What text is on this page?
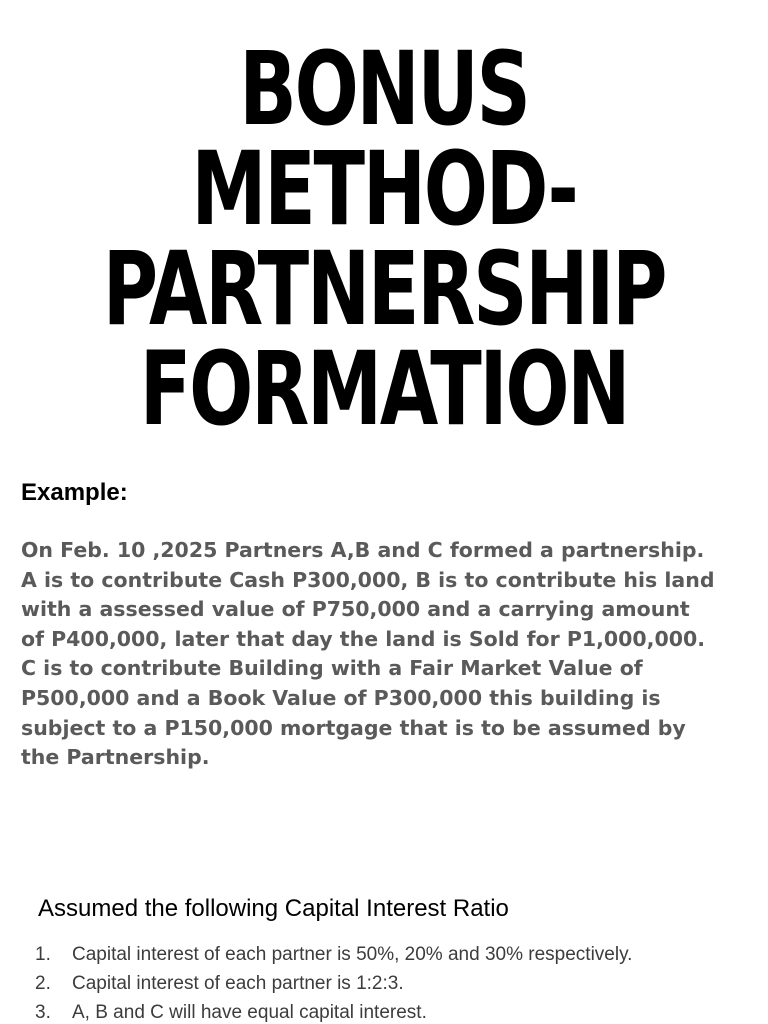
BONUS
METHOD-
PARTNERSHIP
FORMATION
Example:

On Feb. 10 ,2025 Partners A,B and C formed a partnership.
A is to contribute Cash P300,000, B is to contribute his land
with a assessed value of P750,000 and a carrying amount
of P400,000, later that day the land is Sold for P1,000,000.
C is to contribute Building with a Fair Market Value of
P500,000 and a Book Value of P300,000 this building is
subject to a P150,000 mortgage that is to be assumed by
the Partnership.

Assumed the following Capital Interest Ratio
1. Capital interest of each partner is 50%, 20% and 30% respectively.
2. Capital interest of each partner is 1:2:3.
3. A, B and C will have equal capital interest.
